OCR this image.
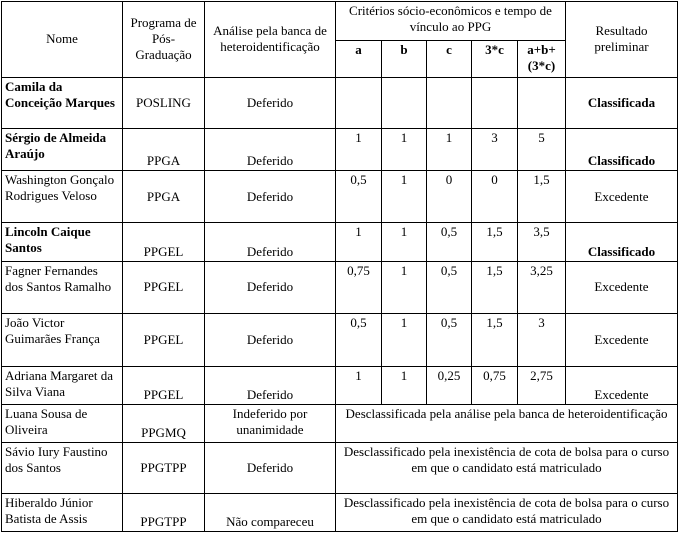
Nome	Programa de Pós-Graduação	Análise pela banca de heteroidentificação	Critérios sócio-econômicos e tempo de vínculo ao PPG					Resultado preliminar
			a	b	c	3*c	a+b+(3*c)	
Camila da Conceição Marques	POSLING	Deferido						Classificada
Sérgio de Almeida Araújo	PPGA	Deferido	1	1	1	3	5	Classificado
Washington Gonçalo Rodrigues Veloso	PPGA	Deferido	0,5	1	0	0	1,5	Excedente
Lincoln Caique Santos	PPGEL	Deferido	1	1	0,5	1,5	3,5	Classificado
Fagner Fernandes dos Santos Ramalho	PPGEL	Deferido	0,75	1	0,5	1,5	3,25	Excedente
João Victor Guimarães França	PPGEL	Deferido	0,5	1	0,5	1,5	3	Excedente
Adriana Margaret da Silva Viana	PPGEL	Deferido	1	1	0,25	0,75	2,75	Excedente
Luana Sousa de Oliveira	PPGMQ	Indeferido por unanimidade	Desclassificada pela análise pela banca de heteroidentificação					
Sávio Iury Faustino dos Santos	PPGTPP	Deferido	Desclassificado pela inexistência de cota de bolsa para o curso em que o candidato está matriculado					
Hiberaldo Júnior Batista de Assis	PPGTPP	Não compareceu	Desclassificado pela inexistência de cota de bolsa para o curso em que o candidato está matriculado					
